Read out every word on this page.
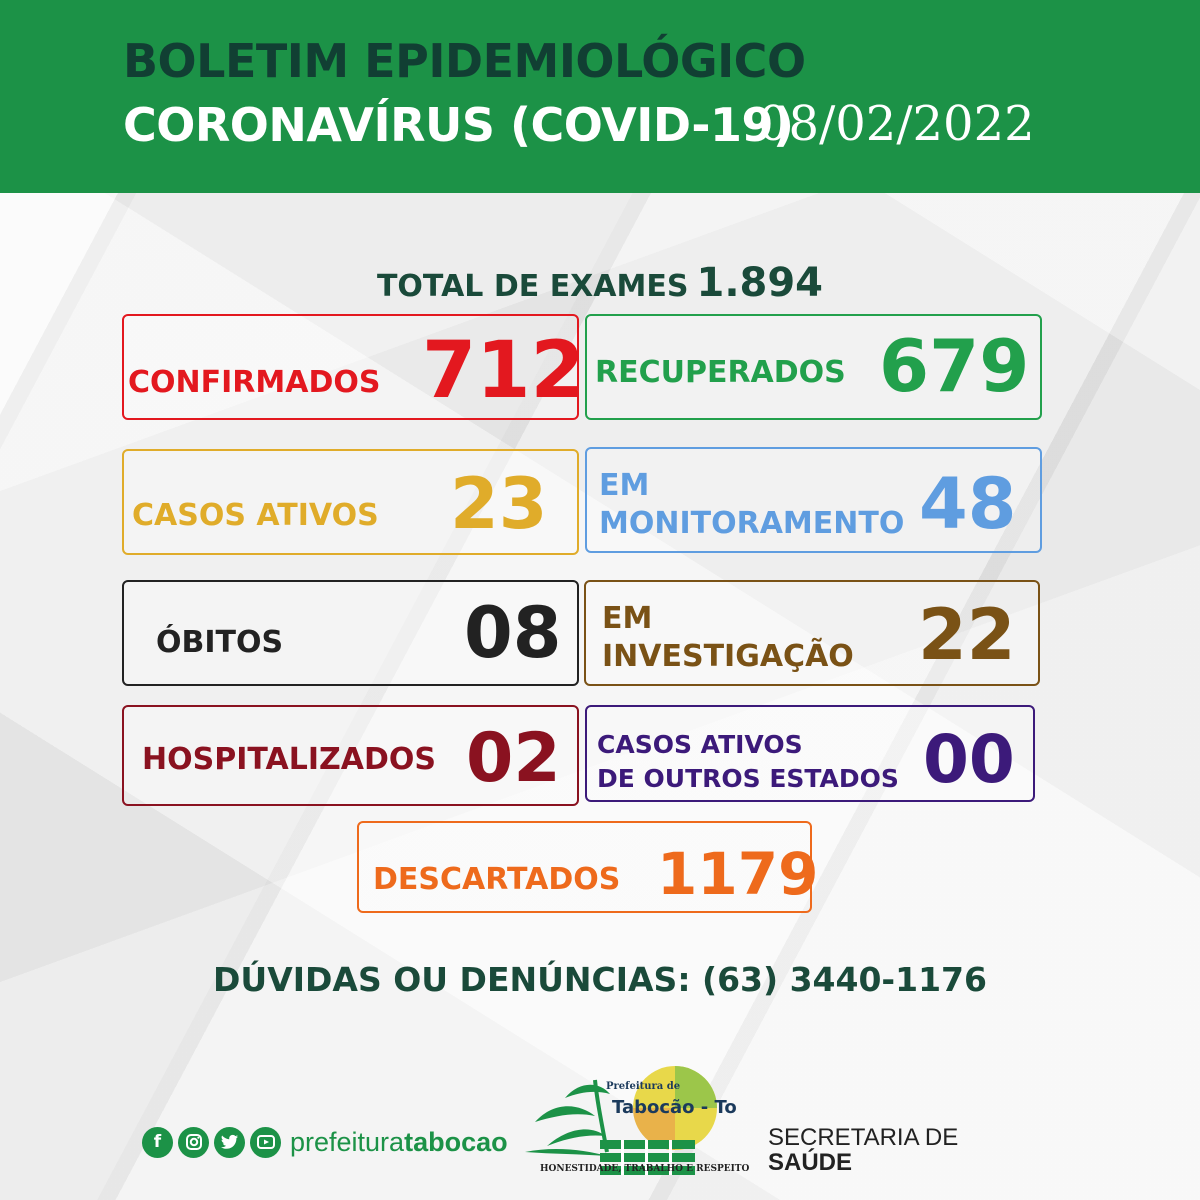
BOLETIM EPIDEMIOLÓGICO
CORONAVÍRUS (COVID-19)
08/02/2022
TOTAL DE EXAMES 1.894
CONFIRMADOS 712 RECUPERADOS 679
CASOS ATIVOS 23 EM
MONITORAMENTO 48
ÓBITOS	08 EM
INVESTIGAÇÃO 22
HOSPITALIZADOS 02 CASOS ATIVOS
DE OUTROS ESTADOS 00
DESCARTADOS 1179
DÚVIDAS OU DENÚNCIAS: (63) 3440-1176
f	prefeituratabocao
Prefeitura de
Tabocão - To
HONESTIDADE, TRABALHO E RESPEITO
SECRETARIA DE
SAÚDE
